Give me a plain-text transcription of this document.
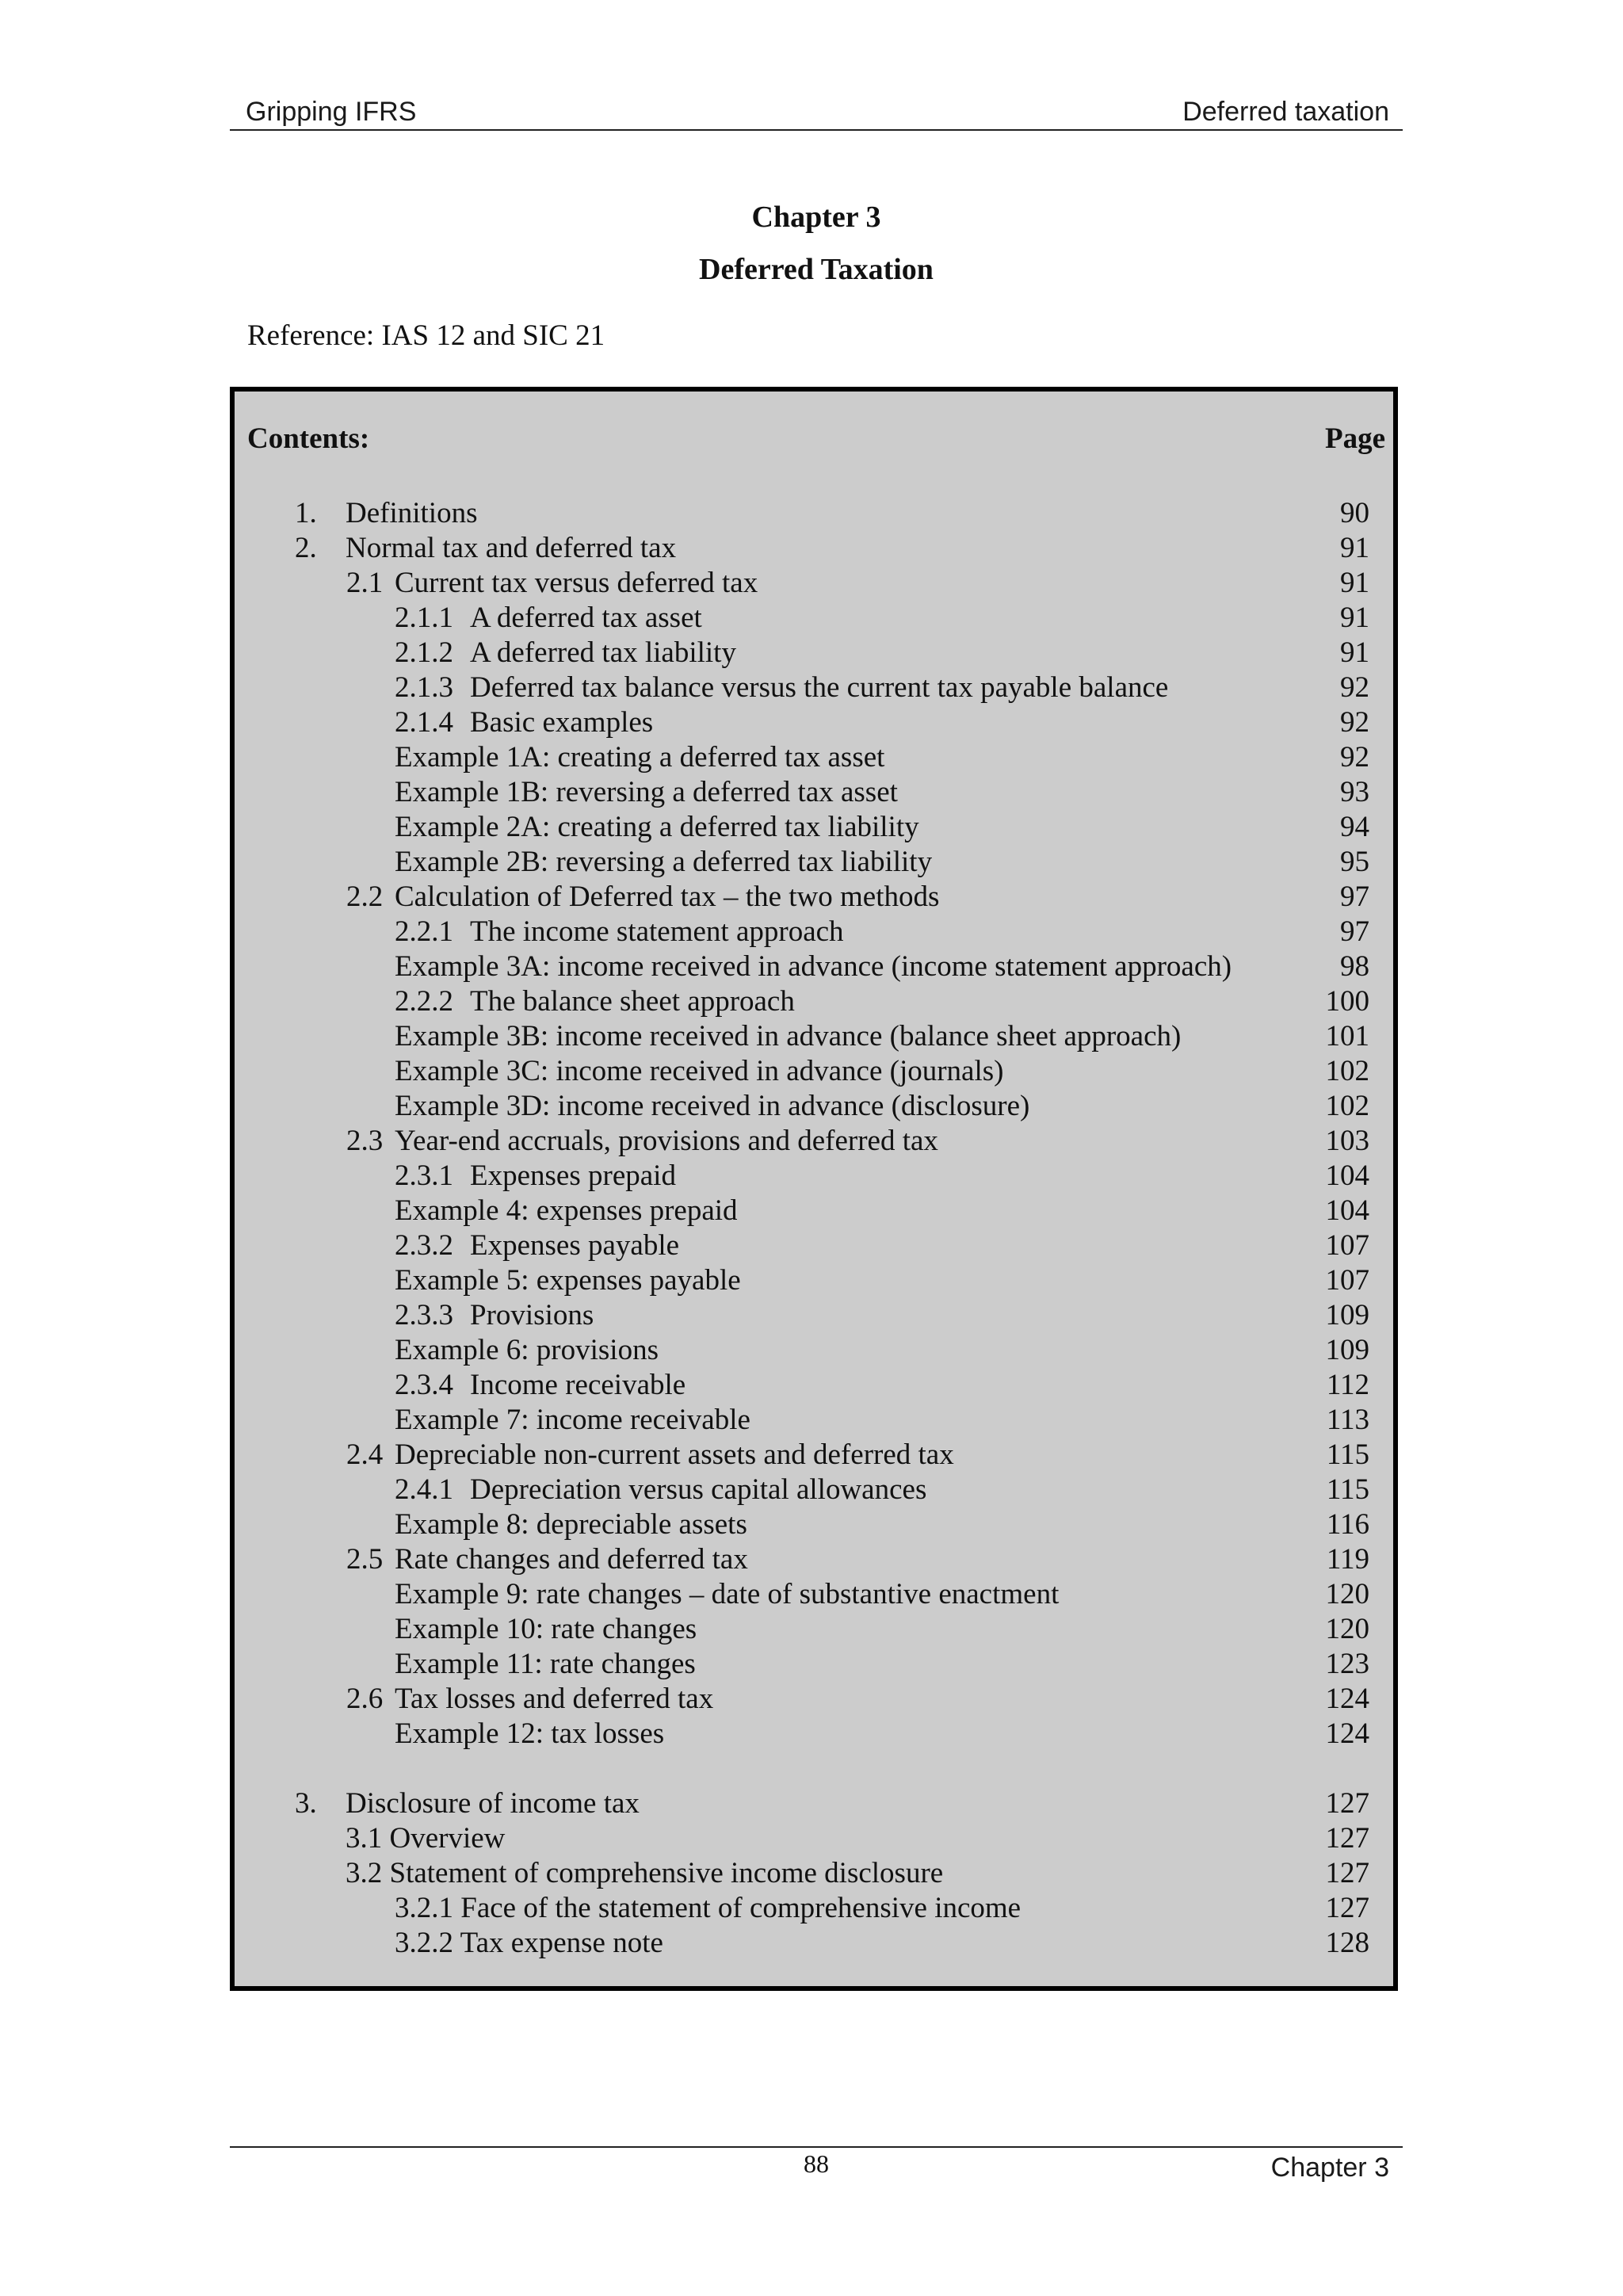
Gripping IFRS	Deferred taxation
Chapter 3
Deferred Taxation
Reference: IAS 12 and SIC 21
Contents:	Page
1. Definitions	90
2. Normal tax and deferred tax	91
2.1 Current tax versus deferred tax	91
2.1.1 A deferred tax asset	91
2.1.2 A deferred tax liability	91
2.1.3 Deferred tax balance versus the current tax payable balance	92
2.1.4 Basic examples	92
Example 1A: creating a deferred tax asset	92
Example 1B: reversing a deferred tax asset	93
Example 2A: creating a deferred tax liability	94
Example 2B: reversing a deferred tax liability	95
2.2 Calculation of Deferred tax – the two methods	97
2.2.1 The income statement approach	97
Example 3A: income received in advance (income statement approach)	98
2.2.2 The balance sheet approach	100
Example 3B: income received in advance (balance sheet approach)	101
Example 3C: income received in advance (journals)	102
Example 3D: income received in advance (disclosure)	102
2.3 Year-end accruals, provisions and deferred tax	103
2.3.1 Expenses prepaid	104
Example 4: expenses prepaid	104
2.3.2 Expenses payable	107
Example 5: expenses payable	107
2.3.3 Provisions	109
Example 6: provisions	109
2.3.4 Income receivable	112
Example 7: income receivable	113
2.4 Depreciable non-current assets and deferred tax	115
2.4.1 Depreciation versus capital allowances	115
Example 8: depreciable assets	116
2.5 Rate changes and deferred tax	119
Example 9: rate changes – date of substantive enactment	120
Example 10: rate changes	120
Example 11: rate changes	123
2.6 Tax losses and deferred tax	124
Example 12: tax losses	124
3. Disclosure of income tax	127
3.1 Overview	127
3.2 Statement of comprehensive income disclosure	127
3.2.1 Face of the statement of comprehensive income	127
3.2.2 Tax expense note	128
88	Chapter 3
